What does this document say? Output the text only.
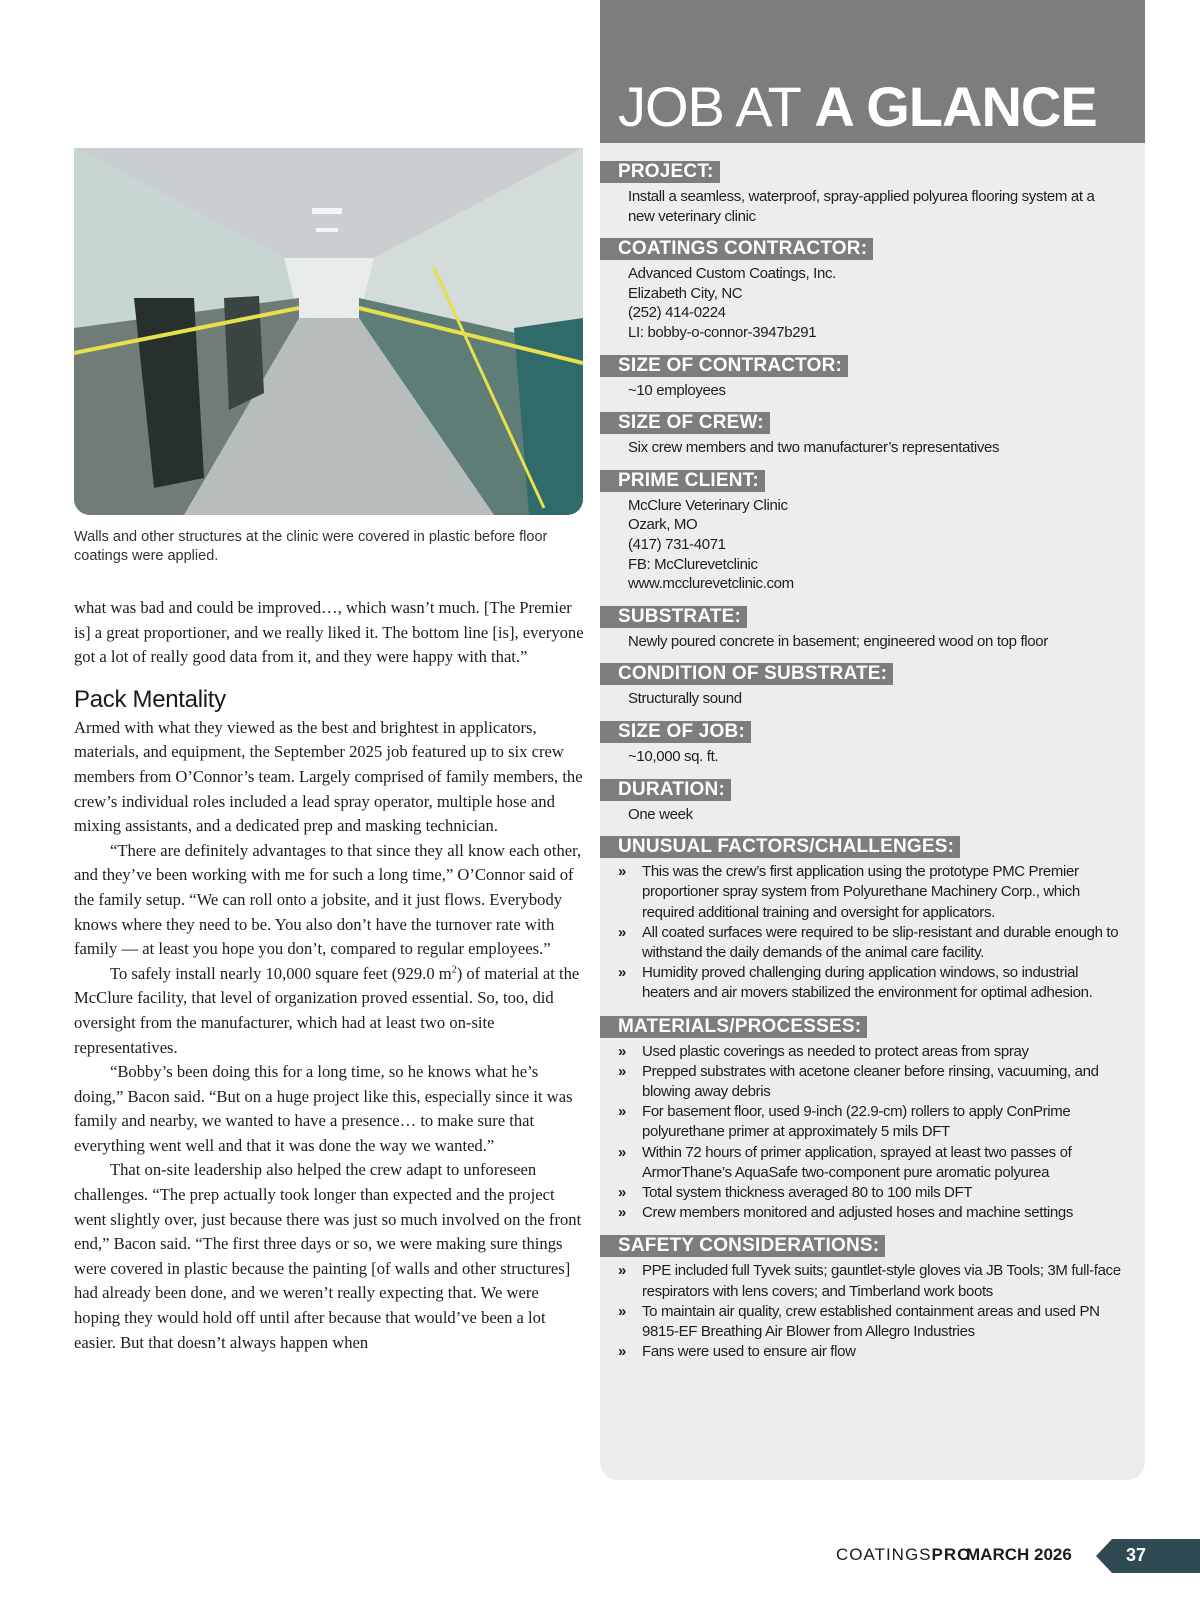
Walls and other structures at the clinic were covered in plastic before floor coatings were applied.

what was bad and could be improved…, which wasn’t much. [The Premier is] a great proportioner, and we really liked it. The bottom line [is], everyone got a lot of really good data from it, and they were happy with that.”

Pack Mentality

Armed with what they viewed as the best and brightest in applicators, materials, and equipment, the September 2025 job featured up to six crew members from O’Connor’s team. Largely comprised of family members, the crew’s individual roles included a lead spray operator, multiple hose and mixing assistants, and a dedicated prep and masking technician.

“There are definitely advantages to that since they all know each other, and they’ve been working with me for such a long time,” O’Connor said of the family setup. “We can roll onto a jobsite, and it just flows. Everybody knows where they need to be. You also don’t have the turnover rate with family — at least you hope you don’t, compared to regular employees.”

To safely install nearly 10,000 square feet (929.0 $m^2$) of material at the McClure facility, that level of organization proved essential. So, too, did oversight from the manufacturer, which had at least two on-site representatives.

“Bobby’s been doing this for a long time, so he knows what he’s doing,” Bacon said. “But on a huge project like this, especially since it was family and nearby, we wanted to have a presence… to make sure that everything went well and that it was done the way we wanted.”

That on-site leadership also helped the crew adapt to unforeseen challenges. “The prep actually took longer than expected and the project went slightly over, just because there was just so much involved on the front end,” Bacon said. “The first three days or so, we were making sure things were covered in plastic because the painting [of walls and other structures] had already been done, and we weren’t really expecting that. We were hoping they would hold off until after because that would’ve been a lot easier. But that doesn’t always happen when

JOB AT A GLANCE
PROJECT:
Install a seamless, waterproof, spray-applied polyurea flooring system at a
new veterinary clinic
COATINGS CONTRACTOR:
Advanced Custom Coatings, Inc.
Elizabeth City, NC
(252) 414-0224
LI: bobby-o-connor-3947b291
SIZE OF CONTRACTOR:
~10 employees
SIZE OF CREW:
Six crew members and two manufacturer’s representatives
PRIME CLIENT:
McClure Veterinary Clinic
Ozark, MO
(417) 731-4071
FB: McClurevetclinic
www.mcclurevetclinic.com
SUBSTRATE:
Newly poured concrete in basement; engineered wood on top floor
CONDITION OF SUBSTRATE:
Structurally sound
SIZE OF JOB:
~10,000 sq. ft.
DURATION:
One week
UNUSUAL FACTORS/CHALLENGES:
» This was the crew’s first application using the prototype PMC Premier proportioner spray system from Polyurethane Machinery Corp., which required additional training and oversight for applicators.
» All coated surfaces were required to be slip-resistant and durable enough to withstand the daily demands of the animal care facility.
» Humidity proved challenging during application windows, so industrial heaters and air movers stabilized the environment for optimal adhesion.
MATERIALS/PROCESSES:
» Used plastic coverings as needed to protect areas from spray
» Prepped substrates with acetone cleaner before rinsing, vacuuming, and blowing away debris
» For basement floor, used 9-inch (22.9-cm) rollers to apply ConPrime polyurethane primer at approximately 5 mils DFT
» Within 72 hours of primer application, sprayed at least two passes of ArmorThane’s AquaSafe two-component pure aromatic polyurea
» Total system thickness averaged 80 to 100 mils DFT
» Crew members monitored and adjusted hoses and machine settings
SAFETY CONSIDERATIONS:
» PPE included full Tyvek suits; gauntlet-style gloves via JB Tools; 3M full-face respirators with lens covers; and Timberland work boots
» To maintain air quality, crew established containment areas and used PN 9815-EF Breathing Air Blower from Allegro Industries
» Fans were used to ensure air flow
COATINGSPRO
MARCH 2026	37
